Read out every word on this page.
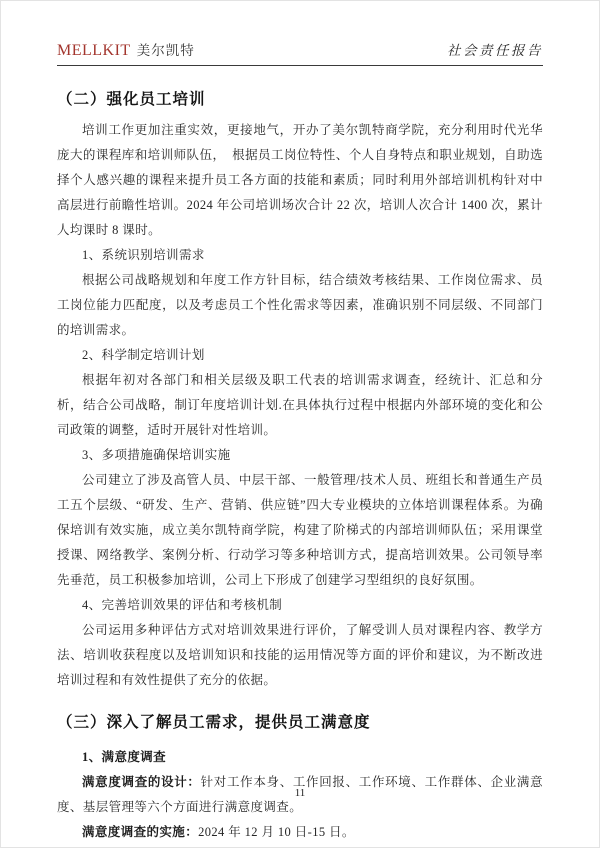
MELLKIT 美尔凯特	社会责任报告
（二）强化员工培训

培训工作更加注重实效，更接地气，开办了美尔凯特商学院，充分利用时代光华庞大的课程库和培训师队伍，　根据员工岗位特性、个人自身特点和职业规划，自助选择个人感兴趣的课程来提升员工各方面的技能和素质；同时利用外部培训机构针对中高层进行前瞻性培训。2024 年公司培训场次合计 22 次，培训人次合计 1400 次，累计人均课时 8 课时。

1、系统识别培训需求

根据公司战略规划和年度工作方针目标，结合绩效考核结果、工作岗位需求、员工岗位能力匹配度，以及考虑员工个性化需求等因素，准确识别不同层级、不同部门的培训需求。

2、科学制定培训计划

根据年初对各部门和相关层级及职工代表的培训需求调查，经统计、汇总和分析，结合公司战略，制订年度培训计划.在具体执行过程中根据内外部环境的变化和公司政策的调整，适时开展针对性培训。

3、多项措施确保培训实施

公司建立了涉及高管人员、中层干部、一般管理/技术人员、班组长和普通生产员工五个层级、“研发、生产、营销、供应链”四大专业模块的立体培训课程体系。为确保培训有效实施，成立美尔凯特商学院，构建了阶梯式的内部培训师队伍；采用课堂授课、网络教学、案例分析、行动学习等多种培训方式，提高培训效果。公司领导率先垂范，员工积极参加培训，公司上下形成了创建学习型组织的良好氛围。

4、完善培训效果的评估和考核机制

公司运用多种评估方式对培训效果进行评价，了解受训人员对课程内容、教学方法、培训收获程度以及培训知识和技能的运用情况等方面的评价和建议，为不断改进培训过程和有效性提供了充分的依据。

（三）深入了解员工需求，提供员工满意度
1、满意度调查

满意度调查的设计：针对工作本身、工作回报、工作环境、工作群体、企业满意度、基层管理等六个方面进行满意度调查。

满意度调查的实施：2024 年 12 月 10 日-15 日。

11
